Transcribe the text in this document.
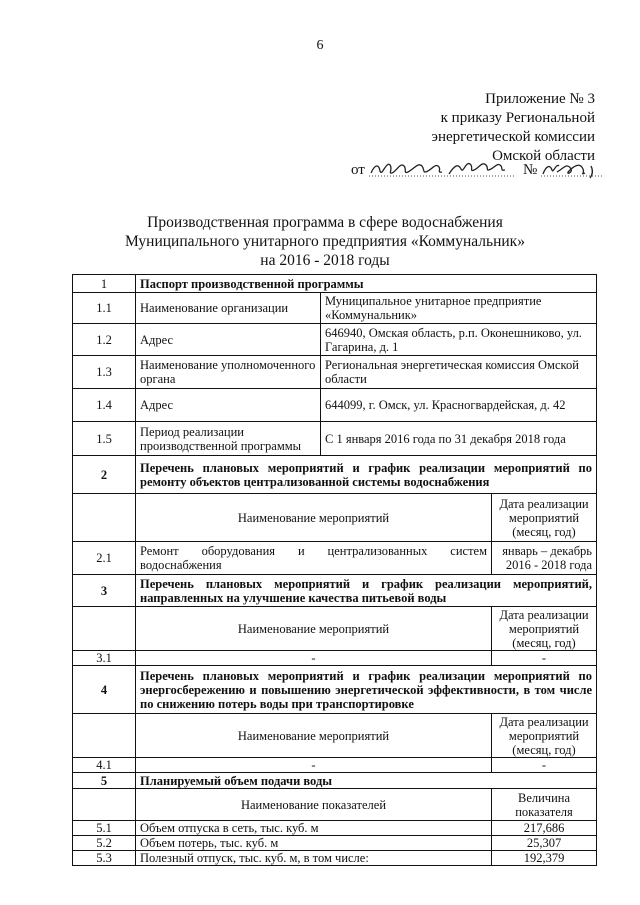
6
Приложение № 3
к приказу Региональной
энергетической комиссии
Омской области
от	№
Производственная программа в сфере водоснабжения
Муниципального унитарного предприятия «Коммунальник»
на 2016 - 2018 годы
1	Паспорт производственной программы		
1.1	Наименование организации	Муниципальное унитарное предприятие «Коммунальник»	
1.2	Адрес	646940, Омская область, р.п. Оконешниково, ул. Гагарина, д. 1	
1.3	Наименование уполномоченного органа	Региональная энергетическая комиссия Омской области	
1.4	Адрес	644099, г. Омск, ул. Красногвардейская, д. 42	
1.5	Период реализации производственной программы	С 1 января 2016 года по 31 декабря 2018 года	
2	Перечень плановых мероприятий и график реализации мероприятий по ремонту объектов централизованной системы водоснабжения		
	Наименование мероприятий		Дата реализации мероприятий (месяц, год)
2.1	Ремонт оборудования и централизованных систем водоснабжения		январь – декабрь 2016 - 2018 года
3	Перечень плановых мероприятий и график реализации мероприятий, направленных на улучшение качества питьевой воды		
	Наименование мероприятий		Дата реализации мероприятий (месяц, год)
3.1	-		-
4	Перечень плановых мероприятий и график реализации мероприятий по энергосбережению и повышению энергетической эффективности, в том числе по снижению потерь воды при транспортировке		
	Наименование мероприятий		Дата реализации мероприятий (месяц, год)
4.1	-		-
5	Планируемый объем подачи воды		
	Наименование показателей		Величина показателя
5.1	Объем отпуска в сеть, тыс. куб. м		217,686
5.2	Объем потерь, тыс. куб. м		25,307
5.3	Полезный отпуск, тыс. куб. м, в том числе:		192,379
